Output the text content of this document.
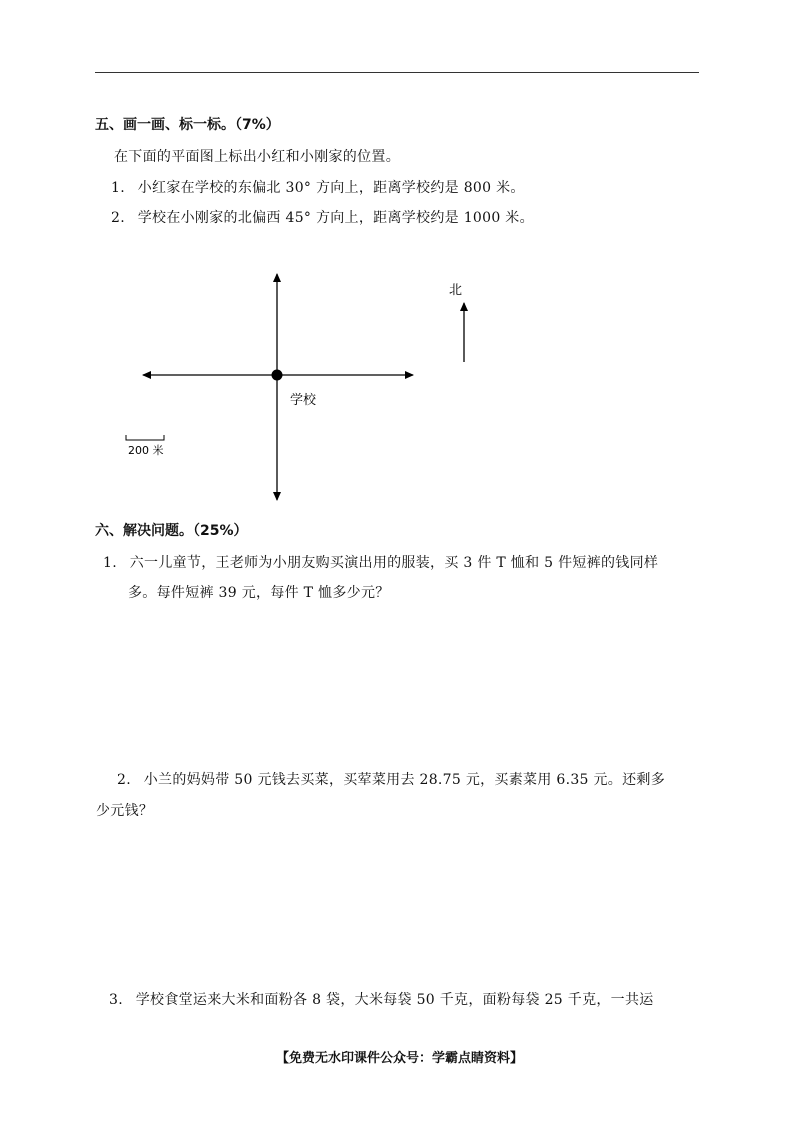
五、画一画、标一标。（7%）
在下面的平面图上标出小红和小刚家的位置。
1. 小红家在学校的东偏北 30° 方向上，距离学校约是 800 米。
2. 学校在小刚家的北偏西 45° 方向上，距离学校约是 1000 米。
北
学校
200 米
六、解决问题。（25%）
1. 六一儿童节，王老师为小朋友购买演出用的服装，买 3 件 T 恤和 5 件短裤的钱同样
多。每件短裤 39 元，每件 T 恤多少元？
2. 小兰的妈妈带 50 元钱去买菜，买荤菜用去 28.75 元，买素菜用 6.35 元。还剩多
少元钱？
3. 学校食堂运来大米和面粉各 8 袋，大米每袋 50 千克，面粉每袋 25 千克，一共运
【免费无水印课件公众号：学霸点睛资料】
